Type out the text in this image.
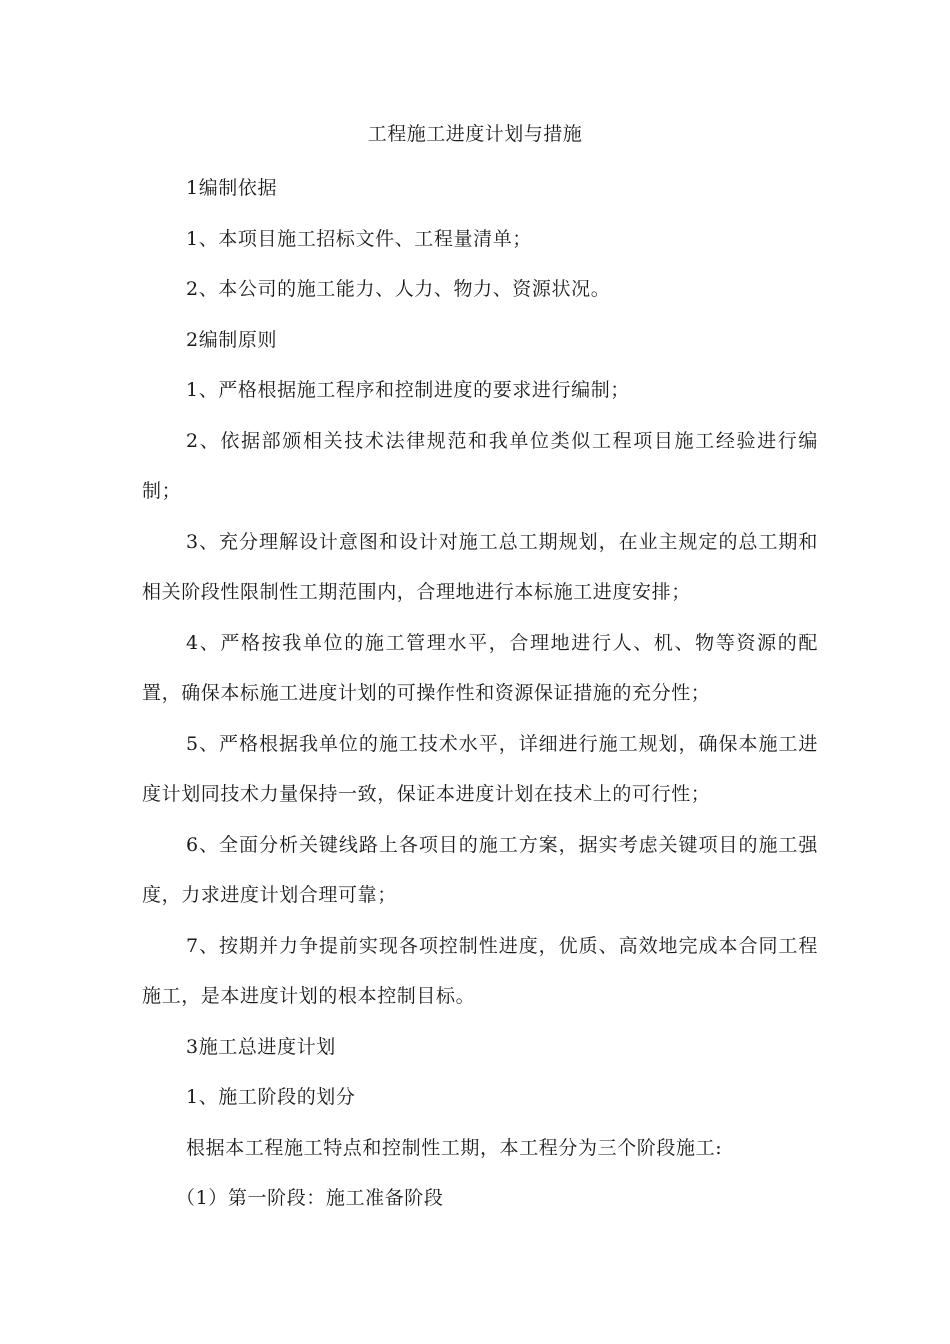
工程施工进度计划与措施

1编制依据

1、本项目施工招标文件、工程量清单；

2、本公司的施工能力、人力、物力、资源状况。

2编制原则

1、严格根据施工程序和控制进度的要求进行编制；

2、依据部颁相关技术法律规范和我单位类似工程项目施工经验进行编制；

3、充分理解设计意图和设计对施工总工期规划，在业主规定的总工期和相关阶段性限制性工期范围内，合理地进行本标施工进度安排；

4、严格按我单位的施工管理水平，合理地进行人、机、物等资源的配置，确保本标施工进度计划的可操作性和资源保证措施的充分性；

5、严格根据我单位的施工技术水平，详细进行施工规划，确保本施工进度计划同技术力量保持一致，保证本进度计划在技术上的可行性；

6、全面分析关键线路上各项目的施工方案，据实考虑关键项目的施工强度，力求进度计划合理可靠；

7、按期并力争提前实现各项控制性进度，优质、高效地完成本合同工程施工，是本进度计划的根本控制目标。

3施工总进度计划

1、施工阶段的划分

根据本工程施工特点和控制性工期，本工程分为三个阶段施工:

（1）第一阶段：施工准备阶段
